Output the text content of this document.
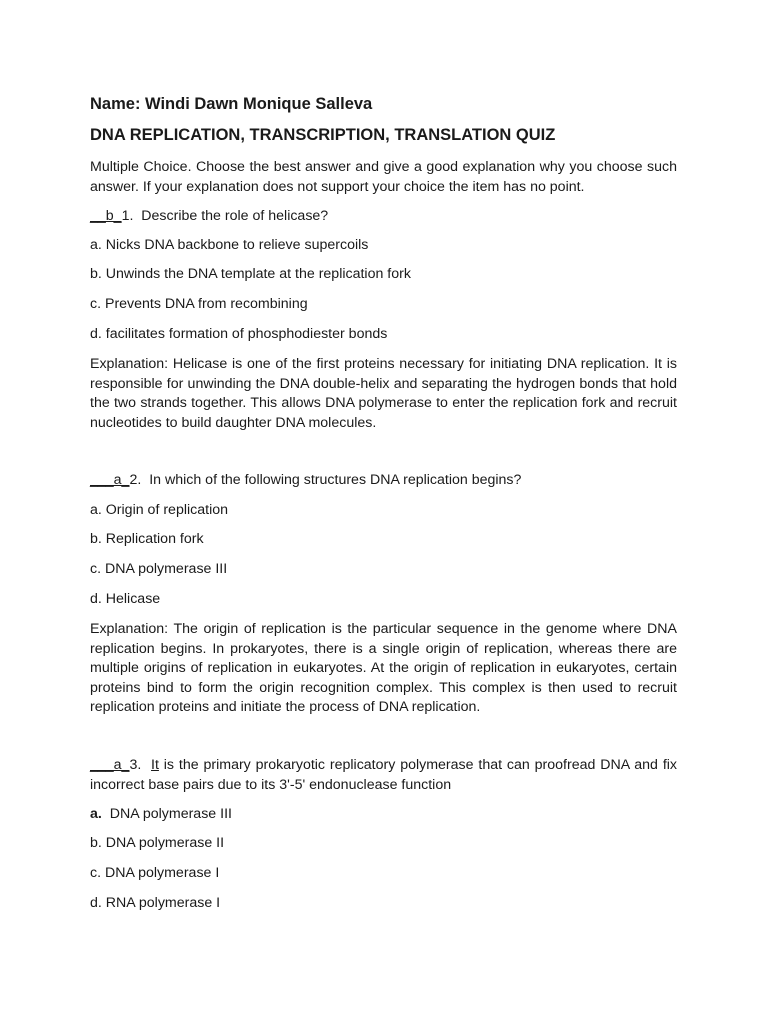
Name: Windi Dawn Monique Salleva

DNA REPLICATION, TRANSCRIPTION, TRANSLATION QUIZ

Multiple Choice. Choose the best answer and give a good explanation why you choose such answer. If your explanation does not support your choice the item has no point.

__b_1. Describe the role of helicase?

a. Nicks DNA backbone to relieve supercoils

b. Unwinds the DNA template at the replication fork

c. Prevents DNA from recombining

d. facilitates formation of phosphodiester bonds

Explanation: Helicase is one of the first proteins necessary for initiating DNA replication. It is responsible for unwinding the DNA double-helix and separating the hydrogen bonds that hold the two strands together. This allows DNA polymerase to enter the replication fork and recruit nucleotides to build daughter DNA molecules.

___a_2. In which of the following structures DNA replication begins?

a. Origin of replication

b. Replication fork

c. DNA polymerase III

d. Helicase

Explanation: The origin of replication is the particular sequence in the genome where DNA replication begins. In prokaryotes, there is a single origin of replication, whereas there are multiple origins of replication in eukaryotes. At the origin of replication in eukaryotes, certain proteins bind to form the origin recognition complex. This complex is then used to recruit replication proteins and initiate the process of DNA replication.

___a_3. It is the primary prokaryotic replicatory polymerase that can proofread DNA and fix incorrect base pairs due to its 3'-5' endonuclease function

a. DNA polymerase III

b. DNA polymerase II

c. DNA polymerase I

d. RNA polymerase I
